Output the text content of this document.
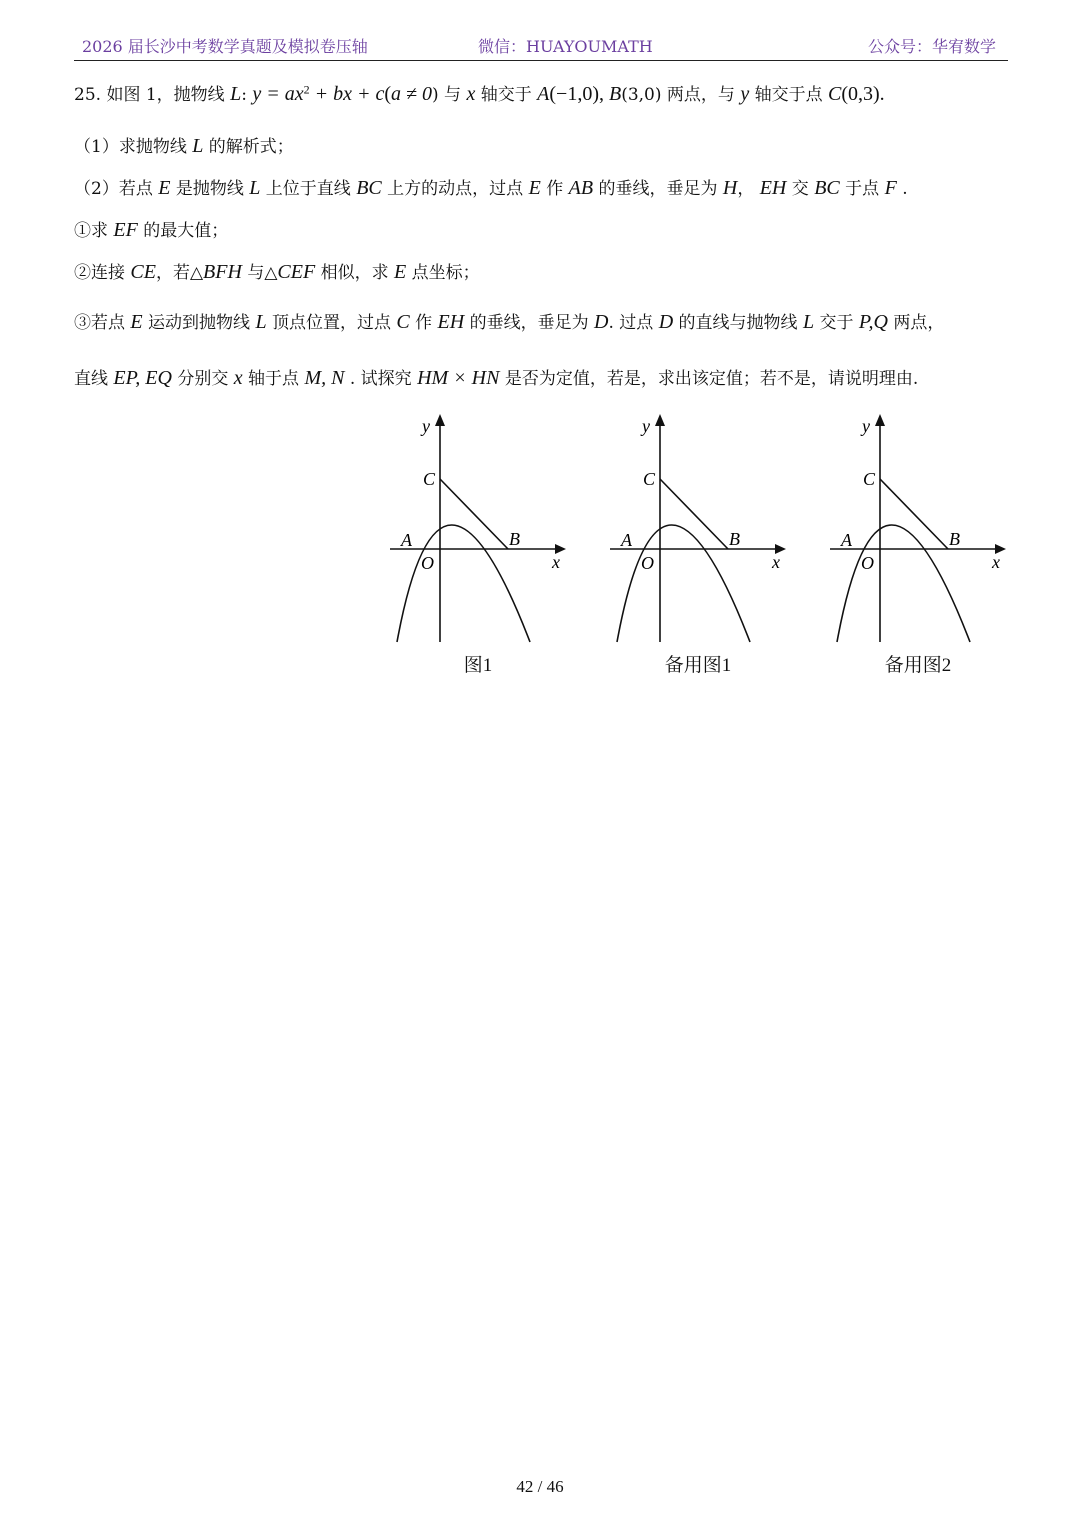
2026 届长沙中考数学真题及模拟卷压轴	微信：HUAYOUMATH	公众号：华宥数学
25. 如图 1，抛物线 L: $y = ax^2$ + bx + c(a ≠ 0) 与 x 轴交于 A(−1,0), B(3,0) 两点，与 y 轴交于点 C(0,3).
（1）求抛物线 L 的解析式；
（2）若点 E 是抛物线 L 上位于直线 BC 上方的动点，过点 E 作 AB 的垂线，垂足为 H， EH 交 BC 于点 F .
①求 EF 的最大值；
②连接 CE，若△BFH 与△CEF 相似，求 E 点坐标；
③若点 E 运动到抛物线 L 顶点位置，过点 C 作 EH 的垂线，垂足为 D. 过点 D 的直线与抛物线 L 交于 P,Q 两点，
直线 EP, EQ 分别交 x 轴于点 M, N . 试探究 HM × HN 是否为定值，若是，求出该定值；若不是，请说明理由.
y
C
A
O
B
x
图1
y
C
A
O
B
x
备用图1
y
C
A
O
B
x
备用图2
42 / 46
